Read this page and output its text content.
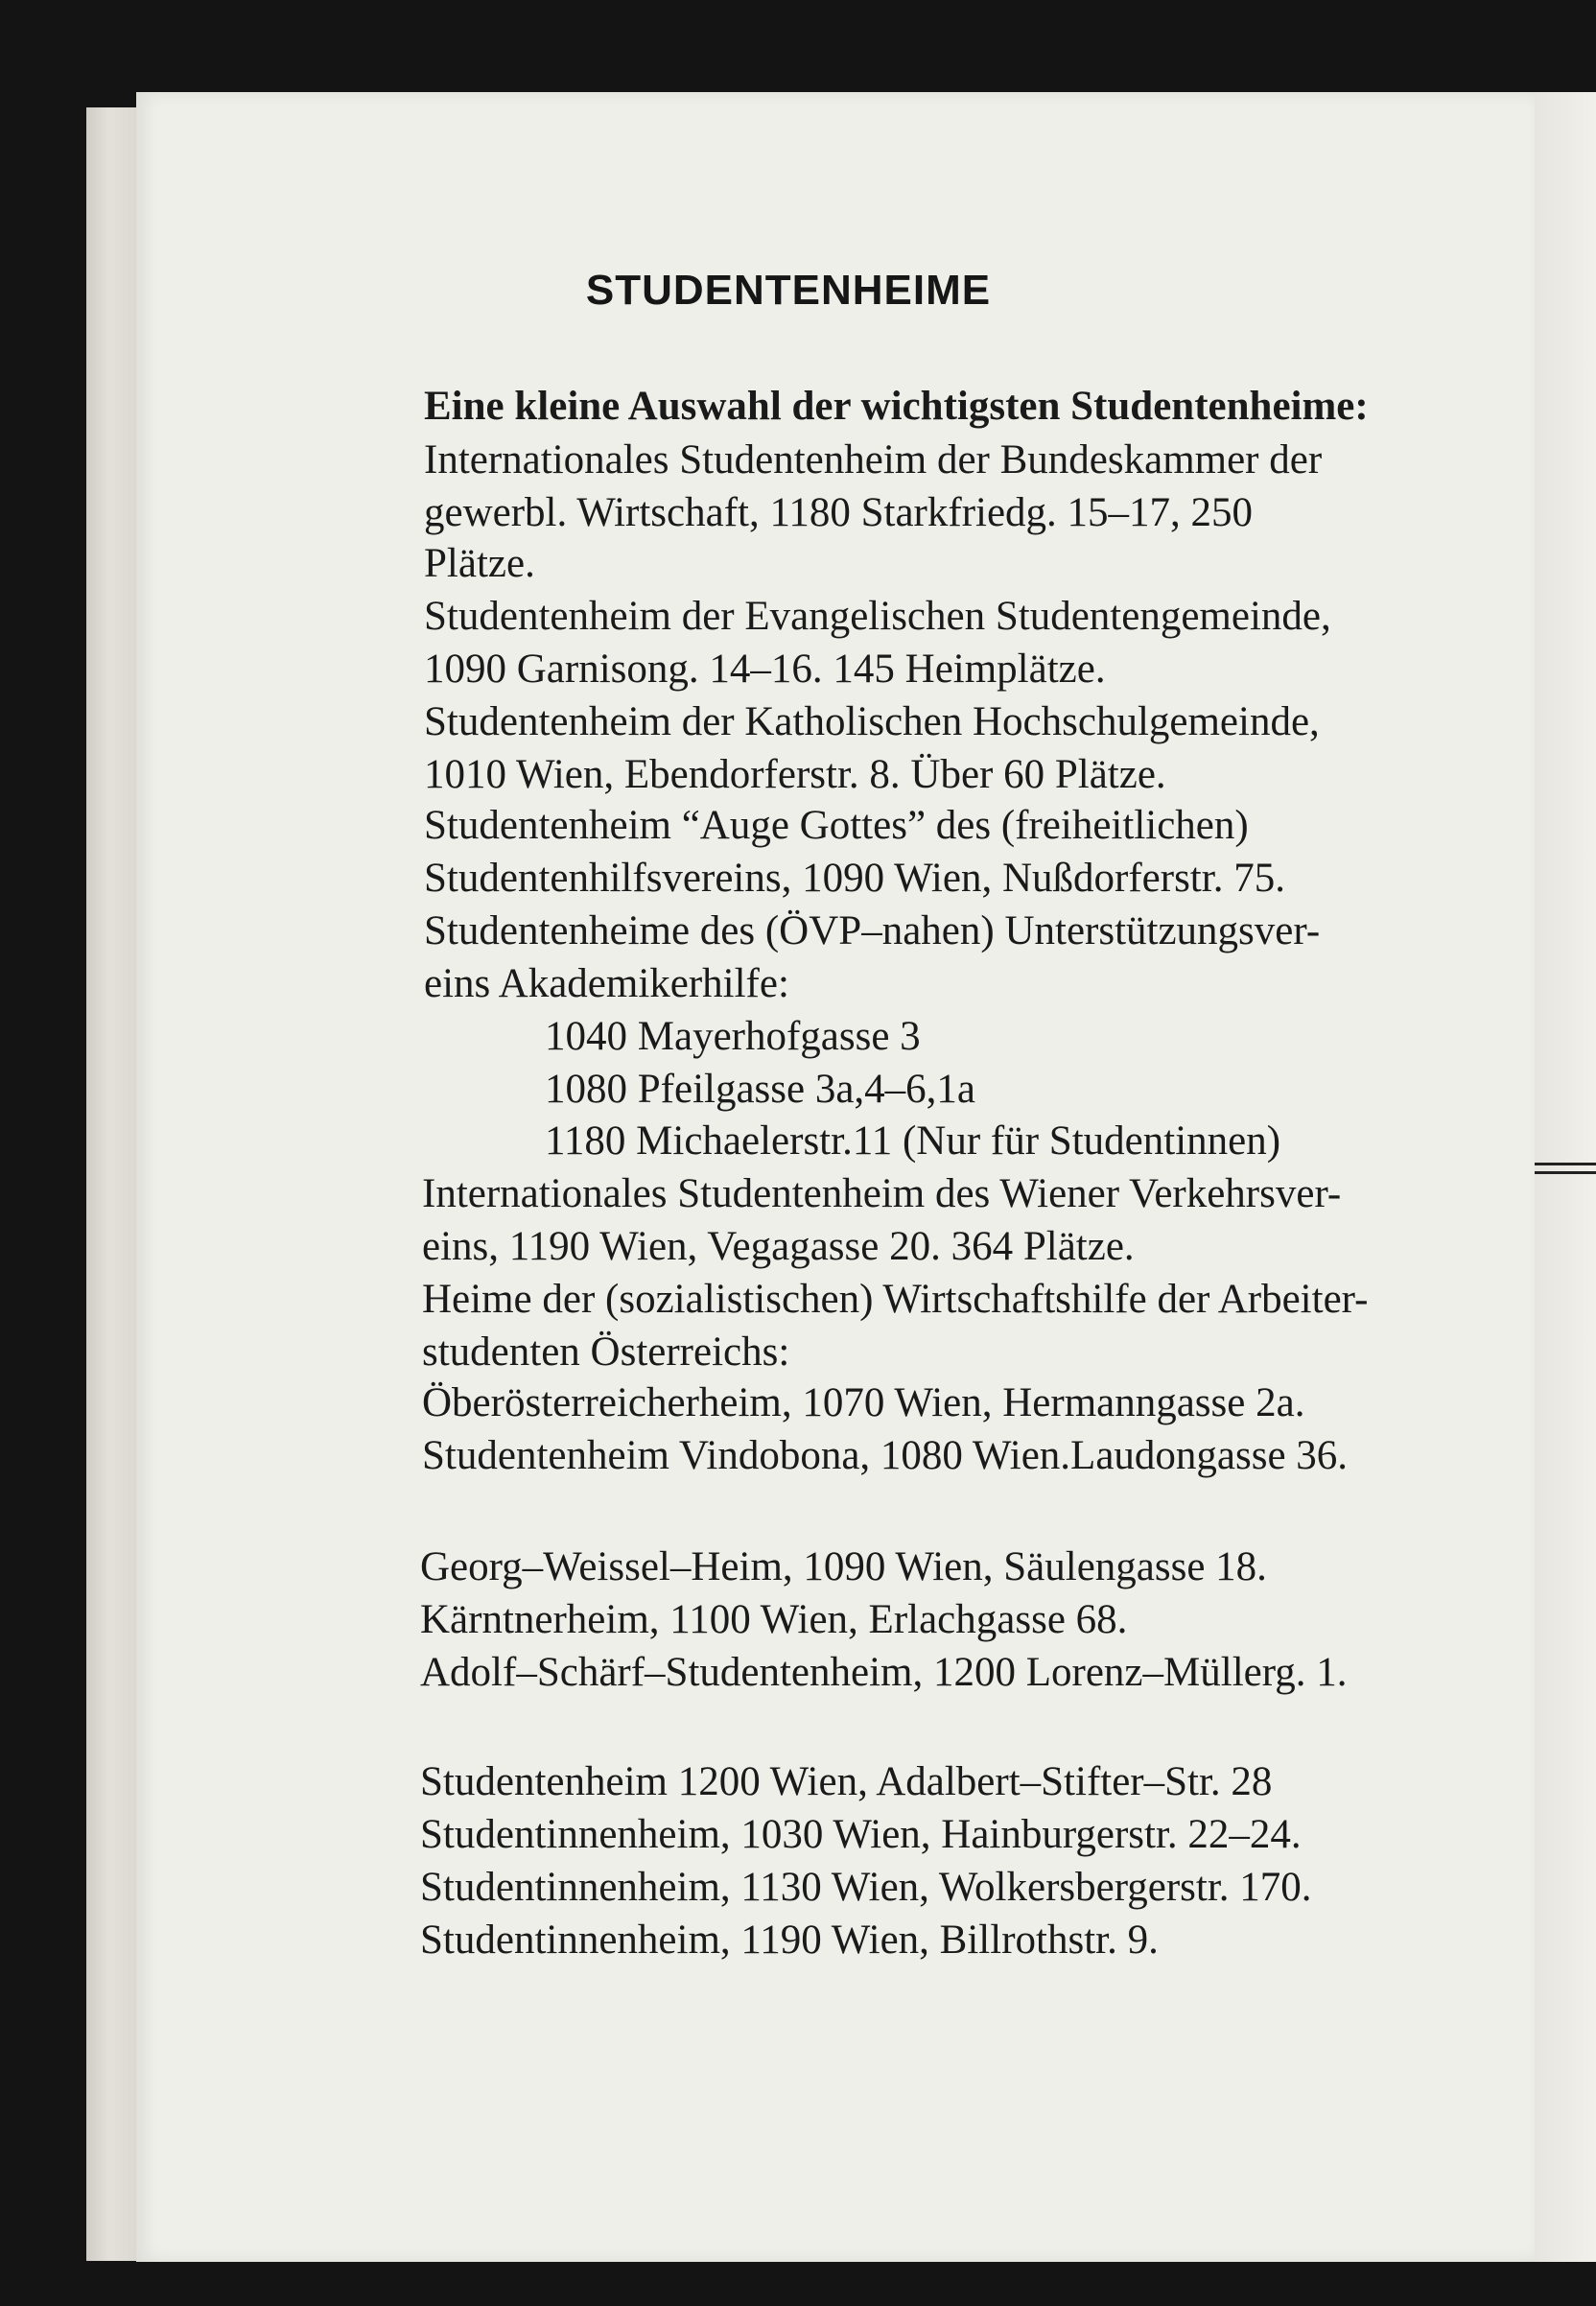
STUDENTENHEIME
Eine kleine Auswahl der wichtigsten Studentenheime:
Internationales Studentenheim der Bundeskammer der
gewerbl. Wirtschaft, 1180 Starkfriedg. 15–17, 250
Plätze.
Studentenheim der Evangelischen Studentengemeinde,
1090 Garnisong. 14–16. 145 Heimplätze.
Studentenheim der Katholischen Hochschulgemeinde,
1010 Wien, Ebendorferstr. 8. Über 60 Plätze.
Studentenheim “Auge Gottes” des (freiheitlichen)
Studentenhilfsvereins, 1090 Wien, Nußdorferstr. 75.
Studentenheime des (ÖVP–nahen) Unterstützungsver-
eins Akademikerhilfe:
1040 Mayerhofgasse 3
1080 Pfeilgasse 3a,4–6,1a
1180 Michaelerstr.11 (Nur für Studentinnen)
Internationales Studentenheim des Wiener Verkehrsver-
eins, 1190 Wien, Vegagasse 20. 364 Plätze.
Heime der (sozialistischen) Wirtschaftshilfe der Arbeiter-
studenten Österreichs:
Öberösterreicherheim, 1070 Wien, Hermanngasse 2a.
Studentenheim Vindobona, 1080 Wien.Laudongasse 36.
Georg–Weissel–Heim, 1090 Wien, Säulengasse 18.
Kärntnerheim, 1100 Wien, Erlachgasse 68.
Adolf–Schärf–Studentenheim, 1200 Lorenz–Müllerg. 1.
Studentenheim 1200 Wien, Adalbert–Stifter–Str. 28
Studentinnenheim, 1030 Wien, Hainburgerstr. 22–24.
Studentinnenheim, 1130 Wien, Wolkersbergerstr. 170.
Studentinnenheim, 1190 Wien, Billrothstr. 9.
